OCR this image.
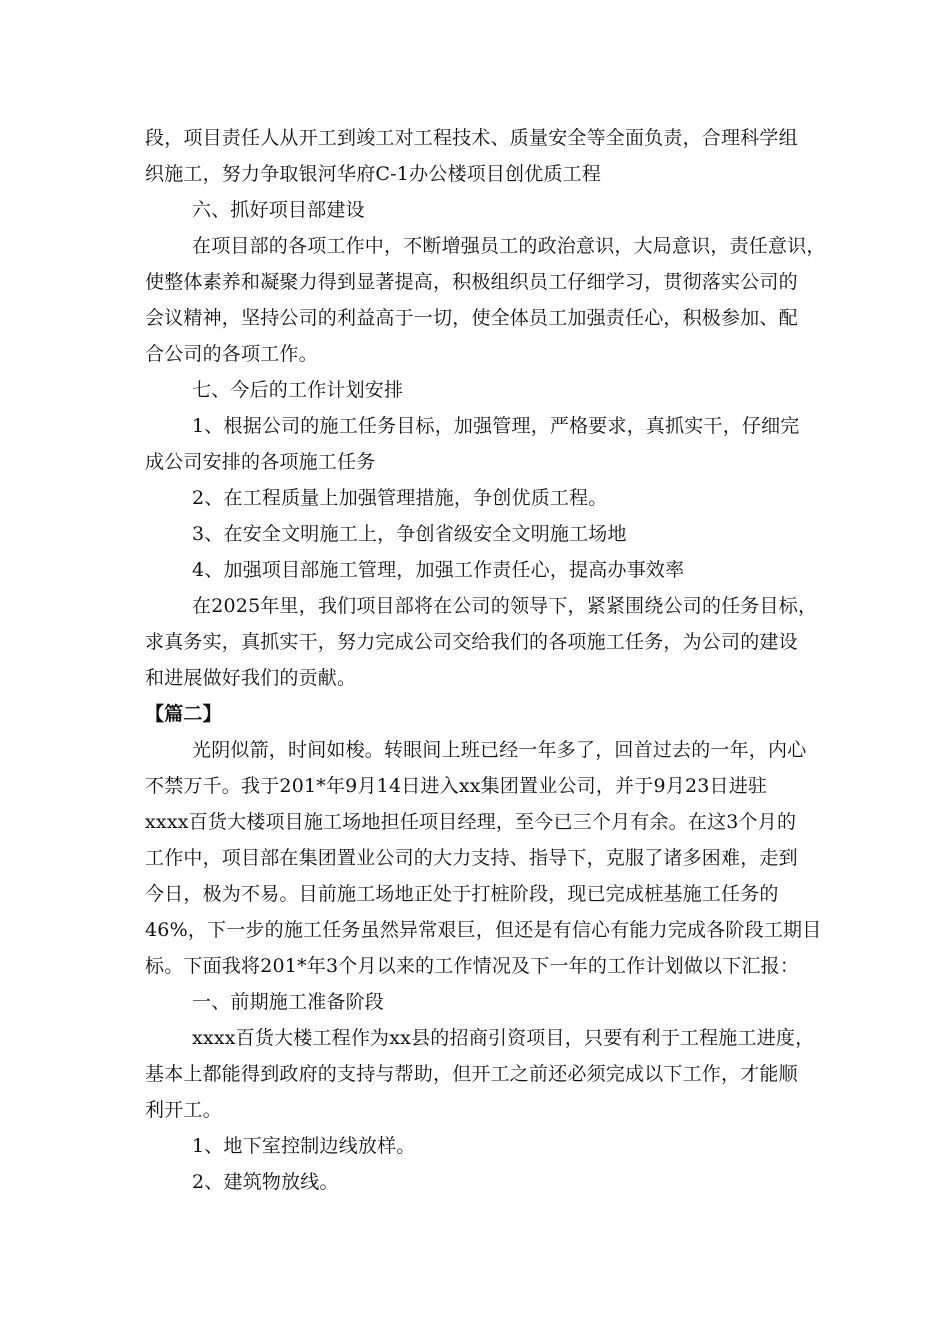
段，项目责任人从开工到竣工对工程技术、质量安全等全面负责，合理科学组
织施工，努力争取银河华府C-1办公楼项目创优质工程
六、抓好项目部建设
在项目部的各项工作中，不断增强员工的政治意识，大局意识，责任意识，
使整体素养和凝聚力得到显著提高，积极组织员工仔细学习，贯彻落实公司的
会议精神，坚持公司的利益高于一切，使全体员工加强责任心，积极参加、配
合公司的各项工作。
七、今后的工作计划安排
1、根据公司的施工任务目标，加强管理，严格要求，真抓实干，仔细完
成公司安排的各项施工任务
2、在工程质量上加强管理措施，争创优质工程。
3、在安全文明施工上，争创省级安全文明施工场地
4、加强项目部施工管理，加强工作责任心，提高办事效率
在2025年里，我们项目部将在公司的领导下，紧紧围绕公司的任务目标，
求真务实，真抓实干，努力完成公司交给我们的各项施工任务，为公司的建设
和进展做好我们的贡献。
【篇二】
光阴似箭，时间如梭。转眼间上班已经一年多了，回首过去的一年，内心
不禁万千。我于201*年9月14日进入xx集团置业公司，并于9月23日进驻
xxxx百货大楼项目施工场地担任项目经理，至今已三个月有余。在这3个月的
工作中，项目部在集团置业公司的大力支持、指导下，克服了诸多困难，走到
今日，极为不易。目前施工场地正处于打桩阶段，现已完成桩基施工任务的
46%，下一步的施工任务虽然异常艰巨，但还是有信心有能力完成各阶段工期目
标。下面我将201*年3个月以来的工作情况及下一年的工作计划做以下汇报：
一、前期施工准备阶段
xxxx百货大楼工程作为xx县的招商引资项目，只要有利于工程施工进度，
基本上都能得到政府的支持与帮助，但开工之前还必须完成以下工作，才能顺
利开工。
1、地下室控制边线放样。
2、建筑物放线。
